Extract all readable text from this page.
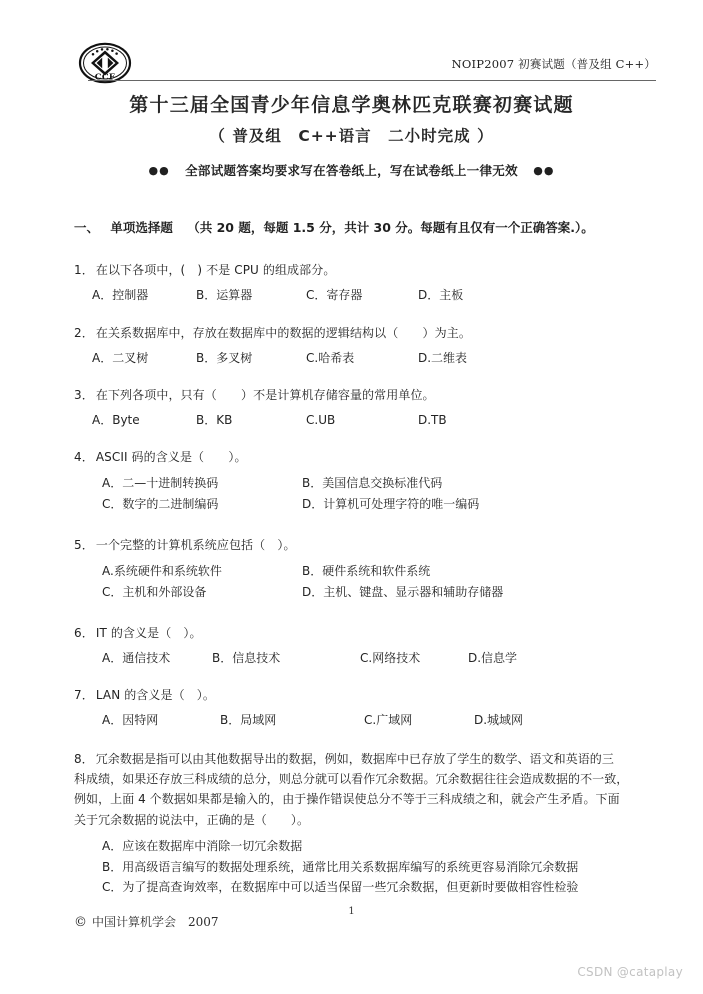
CCF
NOIP2007 初赛试题（普及组 C++）
第十三届全国青少年信息学奥林匹克联赛初赛试题
（ 普及组　C++语言　二小时完成 ）
●● 全部试题答案均要求写在答卷纸上，写在试卷纸上一律无效 ●●
一、 单项选择题 （共 20 题，每题 1.5 分，共计 30 分。每题有且仅有一个正确答案.）。

1． 在以下各项中，(　) 不是 CPU 的组成部分。

A．控制器	B．运算器	C．寄存器	D．主板

2． 在关系数据库中，存放在数据库中的数据的逻辑结构以（　　）为主。

A．二叉树	B．多叉树	C.哈希表	D.二维表

3． 在下列各项中，只有（　　）不是计算机存储容量的常用单位。

A．Byte	B．KB	C.UB	D.TB

4． ASCII 码的含义是（　　）。

A．二—十进制转换码	B．美国信息交换标准代码
C．数字的二进制编码	D．计算机可处理字符的唯一编码

5． 一个完整的计算机系统应包括（　）。

A.系统硬件和系统软件	B．硬件系统和软件系统
C．主机和外部设备	D．主机、键盘、显示器和辅助存储器

6． IT 的含义是（　）。

A．通信技术	B．信息技术	C.网络技术	D.信息学

7． LAN 的含义是（　）。

A．因特网	B．局域网	C.广域网	D.城域网

8． 冗余数据是指可以由其他数据导出的数据，例如，数据库中已存放了学生的数学、语文和英语的三

科成绩，如果还存放三科成绩的总分，则总分就可以看作冗余数据。冗余数据往往会造成数据的不一致，

例如，上面 4 个数据如果都是输入的，由于操作错误使总分不等于三科成绩之和，就会产生矛盾。下面

关于冗余数据的说法中，正确的是（　　）。

A．应该在数据库中消除一切冗余数据
B．用高级语言编写的数据处理系统，通常比用关系数据库编写的系统更容易消除冗余数据
C．为了提高查询效率，在数据库中可以适当保留一些冗余数据，但更新时要做相容性检验
1
© 中国计算机学会 2007
CSDN @cataplay
